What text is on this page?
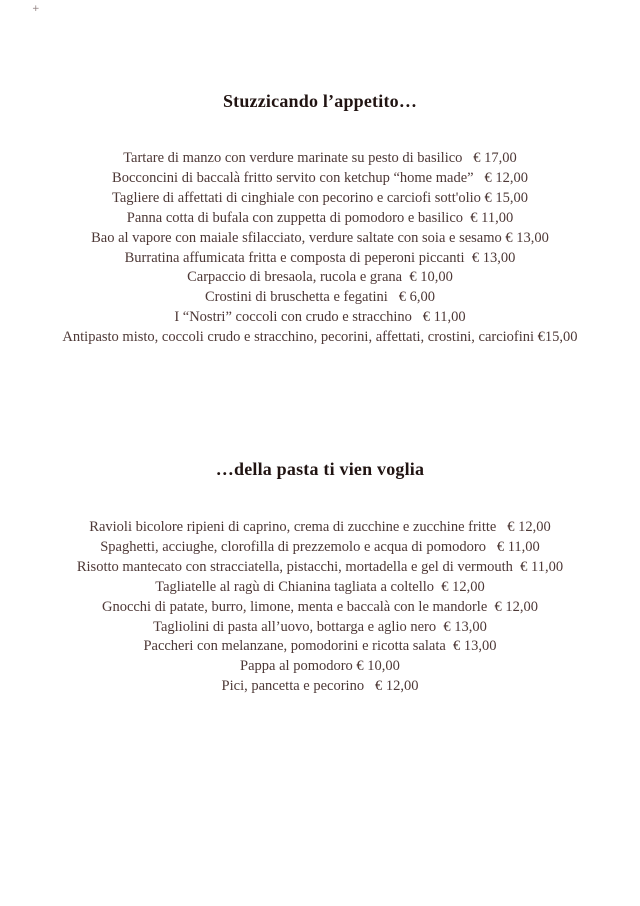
+
Stuzzicando l’appetito…
Tartare di manzo con verdure marinate su pesto di basilico   € 17,00
Bocconcini di baccalà fritto servito con ketchup “home made”   € 12,00
Tagliere di affettati di cinghiale con pecorino e carciofi sott'olio € 15,00
Panna cotta di bufala con zuppetta di pomodoro e basilico  € 11,00
Bao al vapore con maiale sfilacciato, verdure saltate con soia e sesamo € 13,00
Burratina affumicata fritta e composta di peperoni piccanti  € 13,00
Carpaccio di bresaola, rucola e grana  € 10,00
Crostini di bruschetta e fegatini   € 6,00
I “Nostri” coccoli con crudo e stracchino   € 11,00
Antipasto misto, coccoli crudo e stracchino, pecorini, affettati, crostini, carciofini €15,00
…della pasta ti vien voglia
Ravioli bicolore ripieni di caprino, crema di zucchine e zucchine fritte   € 12,00
Spaghetti, acciughe, clorofilla di prezzemolo e acqua di pomodoro   € 11,00
Risotto mantecato con stracciatella, pistacchi, mortadella e gel di vermouth  € 11,00
Tagliatelle al ragù di Chianina tagliata a coltello  € 12,00
Gnocchi di patate, burro, limone, menta e baccalà con le mandorle  € 12,00
Tagliolini di pasta all’uovo, bottarga e aglio nero  € 13,00
Paccheri con melanzane, pomodorini e ricotta salata  € 13,00
Pappa al pomodoro € 10,00
Pici, pancetta e pecorino   € 12,00
